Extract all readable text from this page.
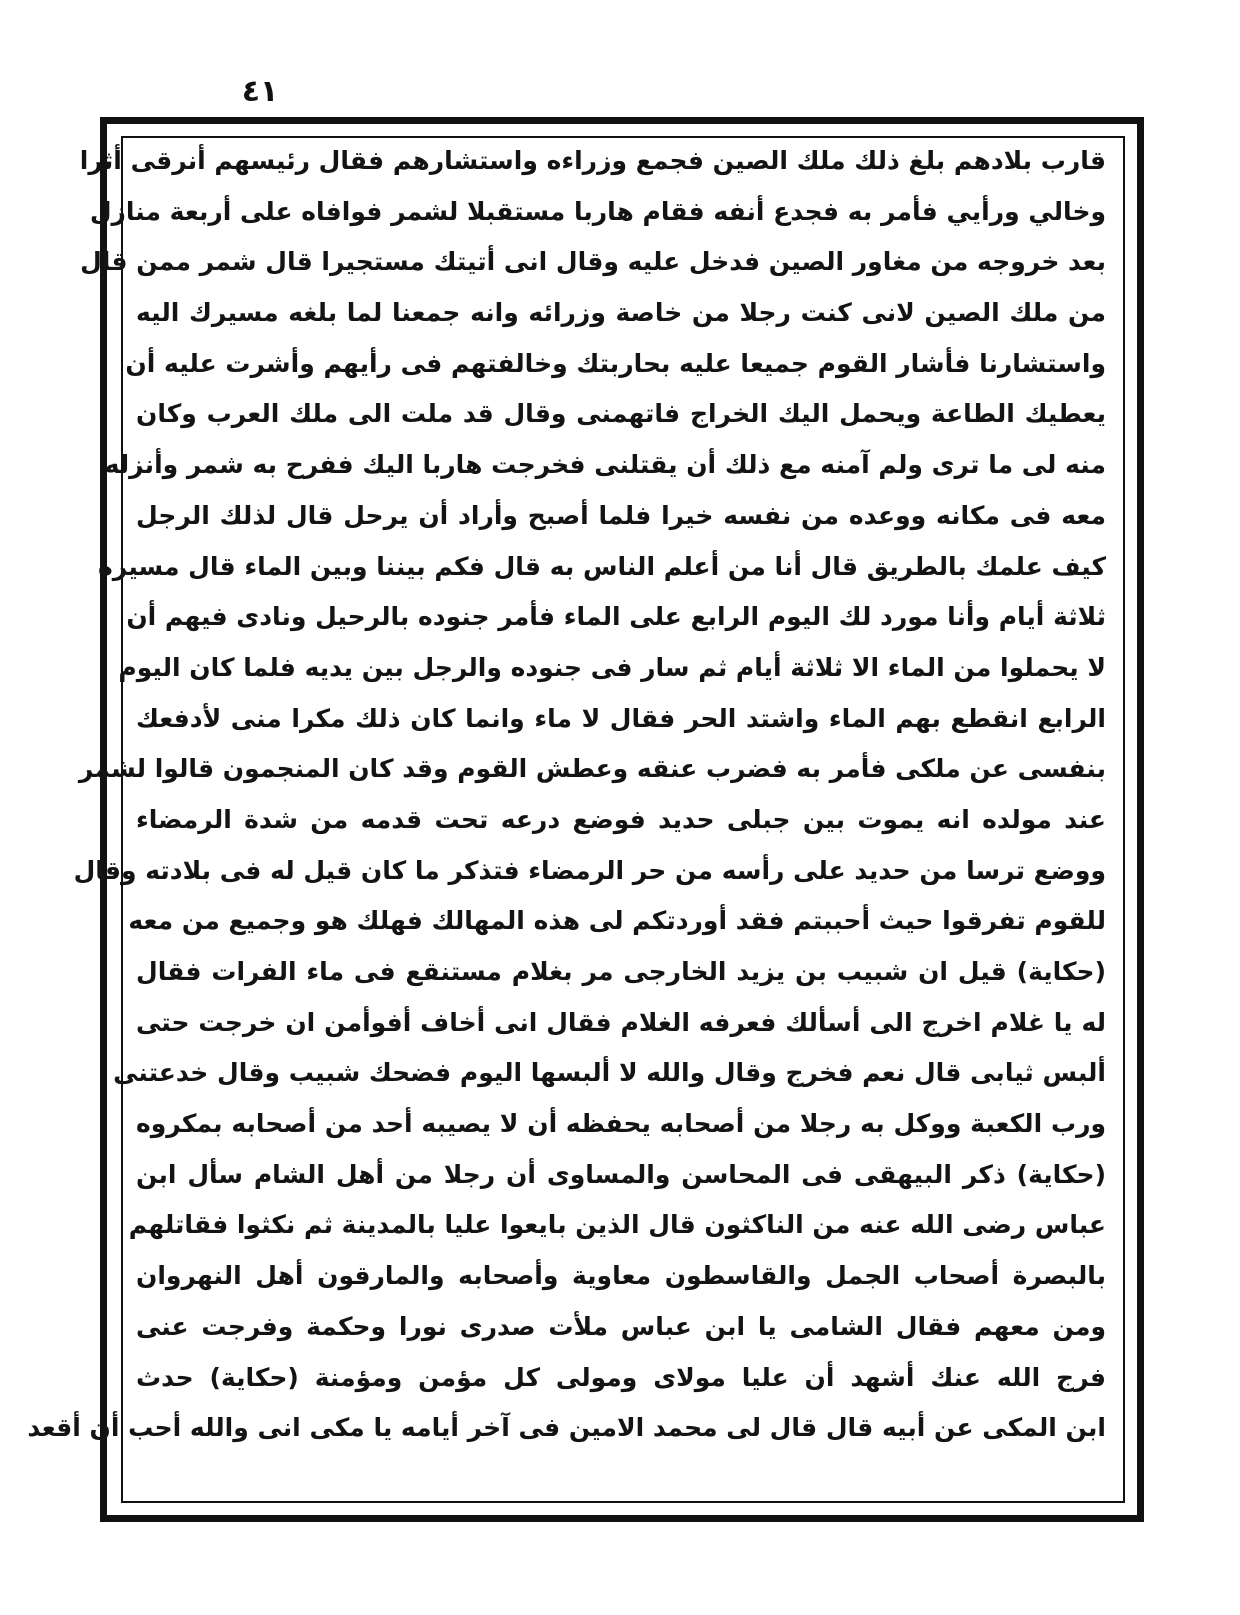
٤١
قارب بلادهم بلغ ذلك ملك الصين فجمع وزراءه واستشارهم فقال رئيسهم أنرقى أثرا
وخالي ورأيي فأمر به فجدع أنفه فقام هاربا مستقبلا لشمر فوافاه على أربعة منازل
بعد خروجه من مغاور الصين فدخل عليه وقال انى أتيتك مستجيرا قال شمر ممن قال
من ملك الصين لانى كنت رجلا من خاصة وزرائه وانه جمعنا لما بلغه مسيرك اليه
واستشارنا فأشار القوم جميعا عليه بحاربتك وخالفتهم فى رأيهم وأشرت عليه أن
يعطيك الطاعة ويحمل اليك الخراج فاتهمنى وقال قد ملت الى ملك العرب وكان
منه لى ما ترى ولم آمنه مع ذلك أن يقتلنى فخرجت هاربا اليك ففرح به شمر وأنزله
معه فى مكانه ووعده من نفسه خيرا فلما أصبح وأراد أن يرحل قال لذلك الرجل
كيف علمك بالطريق قال أنا من أعلم الناس به قال فكم بيننا وبين الماء قال مسيرة
ثلاثة أيام وأنا مورد لك اليوم الرابع على الماء فأمر جنوده بالرحيل ونادى فيهم أن
لا يحملوا من الماء الا ثلاثة أيام ثم سار فى جنوده والرجل بين يديه فلما كان اليوم
الرابع انقطع بهم الماء واشتد الحر فقال لا ماء وانما كان ذلك مكرا منى لأدفعك
بنفسى عن ملكى فأمر به فضرب عنقه وعطش القوم وقد كان المنجمون قالوا لشمر
عند مولده انه يموت بين جبلى حديد فوضع درعه تحت قدمه من شدة الرمضاء
ووضع ترسا من حديد على رأسه من حر الرمضاء فتذكر ما كان قيل له فى بلادته وقال
للقوم تفرقوا حيث أحببتم فقد أوردتكم لى هذه المهالك فهلك هو وجميع من معه
(حكاية) قيل ان شبيب بن يزيد الخارجى مر بغلام مستنقع فى ماء الفرات فقال
له يا غلام اخرج الى أسألك فعرفه الغلام فقال انى أخاف أفوأمن ان خرجت حتى
ألبس ثيابى قال نعم فخرج وقال والله لا ألبسها اليوم فضحك شبيب وقال خدعتنى
ورب الكعبة ووكل به رجلا من أصحابه يحفظه أن لا يصيبه أحد من أصحابه بمكروه
(حكاية) ذكر البيهقى فى المحاسن والمساوى أن رجلا من أهل الشام سأل ابن
عباس رضى الله عنه من الناكثون قال الذين بايعوا عليا بالمدينة ثم نكثوا فقاتلهم
بالبصرة أصحاب الجمل والقاسطون معاوية وأصحابه والمارقون أهل النهروان
ومن معهم فقال الشامى يا ابن عباس ملأت صدرى نورا وحكمة وفرجت عنى
فرج الله عنك أشهد أن عليا مولاى ومولى كل مؤمن ومؤمنة (حكاية) حدث
ابن المكى عن أبيه قال قال لى محمد الامين فى آخر أيامه يا مكى انى والله أحب أن أقعد
